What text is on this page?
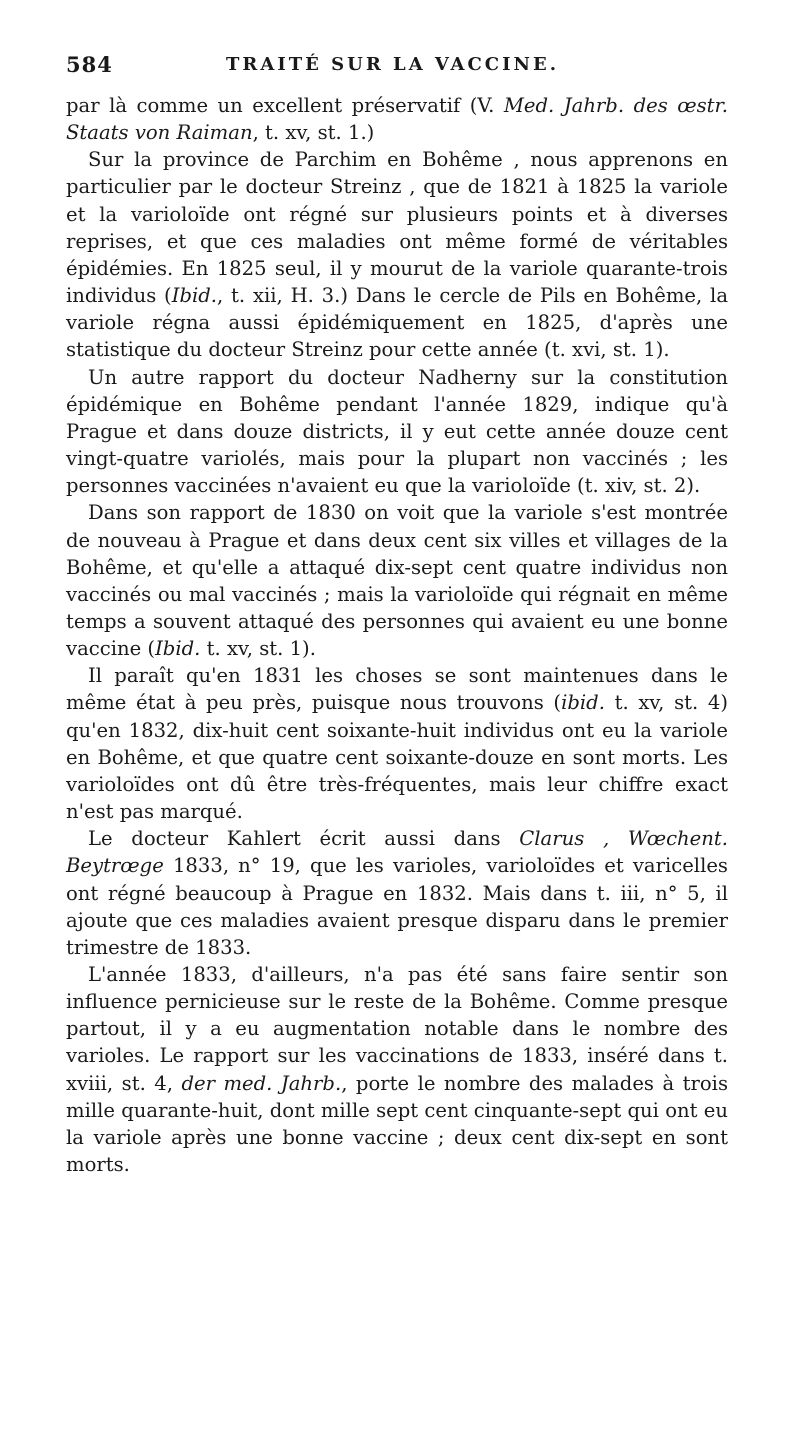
584	TRAITÉ SUR LA VACCINE.

par là comme un excellent préservatif (V. Med. Jahrb. des œstr. Staats von Raiman, t. xv, st. 1.)

Sur la province de Parchim en Bohême , nous apprenons en particulier par le docteur Streinz , que de 1821 à 1825 la variole et la varioloïde ont régné sur plusieurs points et à diverses reprises, et que ces maladies ont même formé de véritables épidémies. En 1825 seul, il y mourut de la variole quarante-trois individus (Ibid., t. xii, H. 3.) Dans le cercle de Pils en Bohême, la variole régna aussi épidémiquement en 1825, d'après une statistique du docteur Streinz pour cette année (t. xvi, st. 1).

Un autre rapport du docteur Nadherny sur la constitution épidémique en Bohême pendant l'année 1829, indique qu'à Prague et dans douze districts, il y eut cette année douze cent vingt-quatre variolés, mais pour la plupart non vaccinés ; les personnes vaccinées n'avaient eu que la varioloïde (t. xiv, st. 2).

Dans son rapport de 1830 on voit que la variole s'est montrée de nouveau à Prague et dans deux cent six villes et villages de la Bohême, et qu'elle a attaqué dix-sept cent quatre individus non vaccinés ou mal vaccinés ; mais la varioloïde qui régnait en même temps a souvent attaqué des personnes qui avaient eu une bonne vaccine (Ibid. t. xv, st. 1).

Il paraît qu'en 1831 les choses se sont maintenues dans le même état à peu près, puisque nous trouvons (ibid. t. xv, st. 4) qu'en 1832, dix-huit cent soixante-huit individus ont eu la variole en Bohême, et que quatre cent soixante-douze en sont morts. Les varioloïdes ont dû être très-fréquentes, mais leur chiffre exact n'est pas marqué.

Le docteur Kahlert écrit aussi dans Clarus , Wœchent. Beytrœge 1833, n° 19, que les varioles, varioloïdes et varicelles ont régné beaucoup à Prague en 1832. Mais dans t. iii, n° 5, il ajoute que ces maladies avaient presque disparu dans le premier trimestre de 1833.

L'année 1833, d'ailleurs, n'a pas été sans faire sentir son influence pernicieuse sur le reste de la Bohême. Comme presque partout, il y a eu augmentation notable dans le nombre des varioles. Le rapport sur les vaccinations de 1833, inséré dans t. xviii, st. 4, der med. Jahrb., porte le nombre des malades à trois mille quarante-huit, dont mille sept cent cinquante-sept qui ont eu la variole après une bonne vaccine ; deux cent dix-sept en sont morts.
